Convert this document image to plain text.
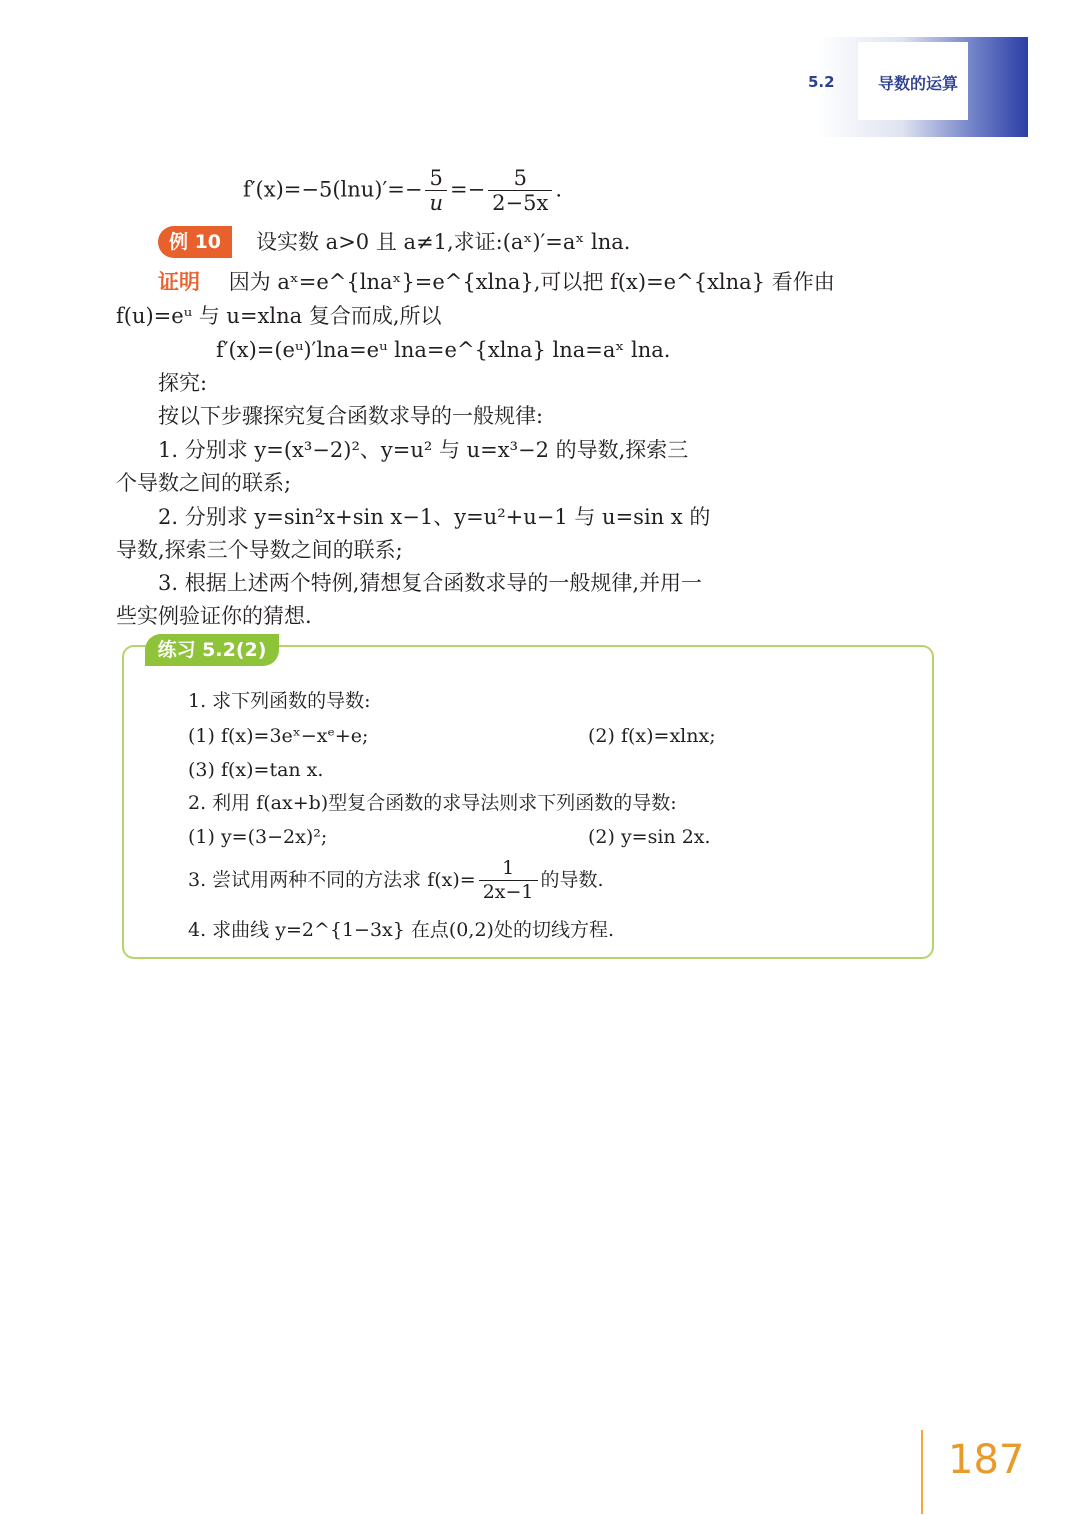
5.2	导数的运算
$f'(x)=-5(\ln u)'=- \frac{5}{u} =- \frac{5}{2-5x}$ .
例 10	设实数 a>0 且 a≠1,求证:(aˣ)′=aˣ lna.
证明 因为 aˣ=e^{lnaˣ}=e^{xlna},可以把 f(x)=e^{xlna} 看作由
f(u)=eᵘ 与 u=xlna 复合而成,所以
f′(x)=(eᵘ)′lna=eᵘ lna=e^{xlna} lna=aˣ lna.
探究:
按以下步骤探究复合函数求导的一般规律:
1. 分别求 y=(x³−2)²、y=u² 与 u=x³−2 的导数,探索三
个导数之间的联系;
2. 分别求 y=sin²x+sin x−1、y=u²+u−1 与 u=sin x 的
导数,探索三个导数之间的联系;
3. 根据上述两个特例,猜想复合函数求导的一般规律,并用一
些实例验证你的猜想.
练习 5.2(2)
1. 求下列函数的导数:
(1) f(x)=3eˣ−xᵉ+e;	(2) f(x)=xlnx;
(3) f(x)=tan x.
2. 利用 f(ax+b)型复合函数的求导法则求下列函数的导数:
(1) y=(3−2x)²;	(2) y=sin 2x.
3. 尝试用两种不同的方法求 $f(x)= \frac{1}{2x-1}$ 的导数.
4. 求曲线 y=2^{1−3x} 在点(0,2)处的切线方程.
187
